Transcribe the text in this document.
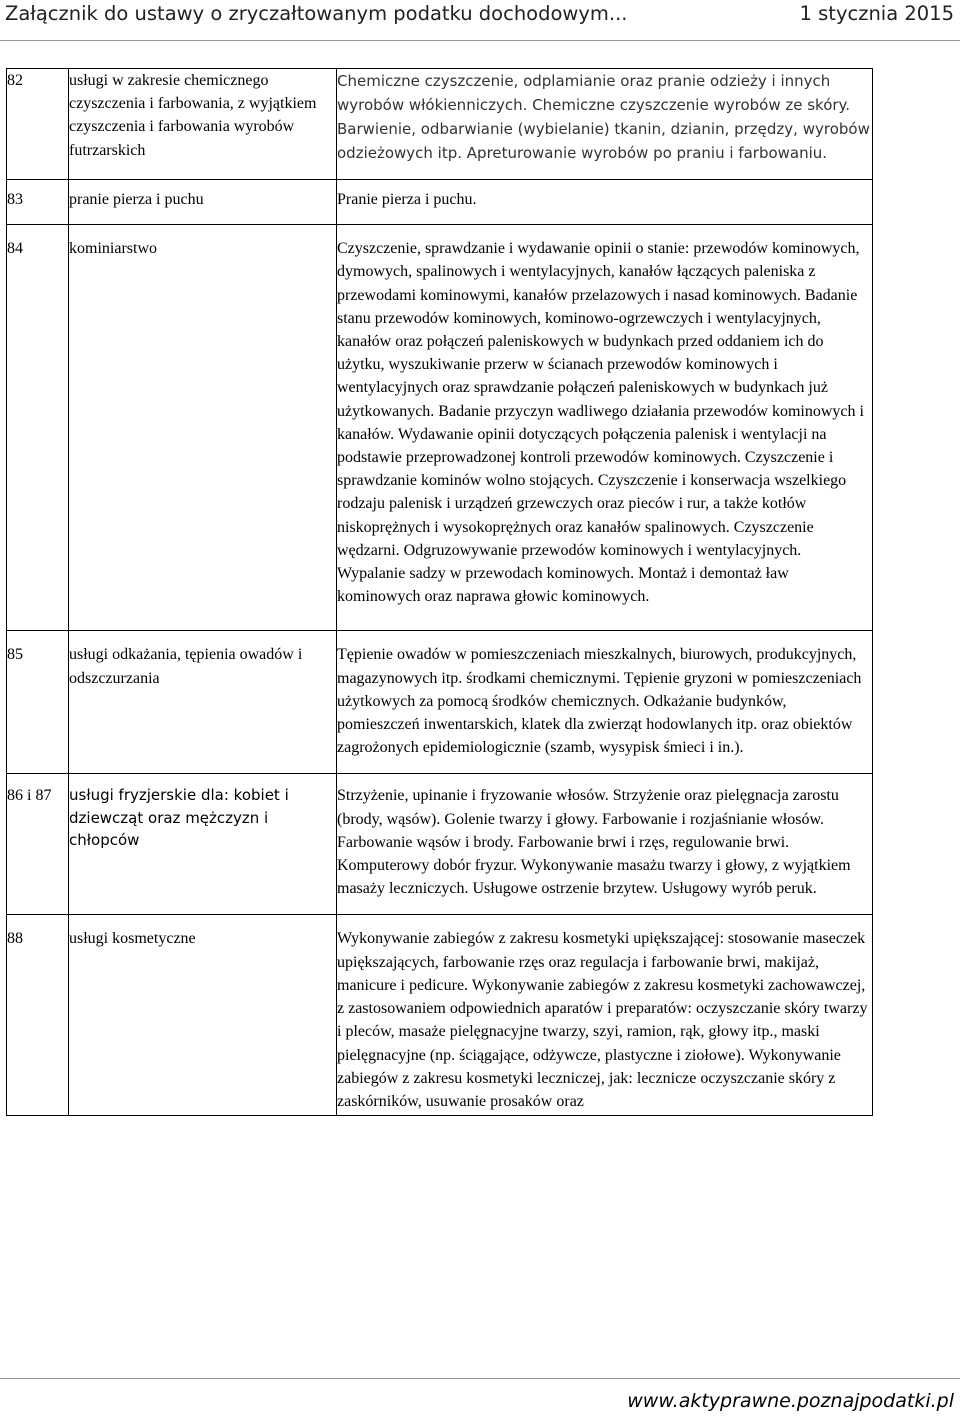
Załącznik do ustawy o zryczałtowanym podatku dochodowym...	1 stycznia 2015
82	usługi w zakresie chemicznego czyszczenia i farbowania, z wyjątkiem czyszczenia i farbowania wyrobów futrzarskich	Chemiczne czyszczenie, odplamianie oraz pranie odzieży i innych wyrobów włókienniczych. Chemiczne czyszczenie wyrobów ze skóry. Barwienie, odbarwianie (wybielanie) tkanin, dzianin, przędzy, wyrobów odzieżowych itp. Apreturowanie wyrobów po praniu i farbowaniu.
83	pranie pierza i puchu	Pranie pierza i puchu.
84	kominiarstwo	Czyszczenie, sprawdzanie i wydawanie opinii o stanie: przewodów kominowych, dymowych, spalinowych i wentylacyjnych, kanałów łączących paleniska z przewodami kominowymi, kanałów przelazowych i nasad kominowych. Badanie stanu przewodów kominowych, kominowo-ogrzewczych i wentylacyjnych, kanałów oraz połączeń paleniskowych w budynkach przed oddaniem ich do użytku, wyszukiwanie przerw w ścianach przewodów kominowych i wentylacyjnych oraz sprawdzanie połączeń paleniskowych w budynkach już użytkowanych. Badanie przyczyn wadliwego działania przewodów kominowych i kanałów. Wydawanie opinii dotyczących połączenia palenisk i wentylacji na podstawie przeprowadzonej kontroli przewodów kominowych. Czyszczenie i sprawdzanie kominów wolno stojących. Czyszczenie i konserwacja wszelkiego rodzaju palenisk i urządzeń grzewczych oraz pieców i rur, a także kotłów niskoprężnych i wysokoprężnych oraz kanałów spalinowych. Czyszczenie wędzarni. Odgruzowywanie przewodów kominowych i wentylacyjnych. Wypalanie sadzy w przewodach kominowych. Montaż i demontaż ław kominowych oraz naprawa głowic kominowych.
85	usługi odkażania, tępienia owadów i odszczurzania	Tępienie owadów w pomieszczeniach mieszkalnych, biurowych, produkcyjnych, magazynowych itp. środkami chemicznymi. Tępienie gryzoni w pomieszczeniach użytkowych za pomocą środków chemicznych. Odkażanie budynków, pomieszczeń inwentarskich, klatek dla zwierząt hodowlanych itp. oraz obiektów zagrożonych epidemiologicznie (szamb, wysypisk śmieci i in.).
86 i 87	usługi fryzjerskie dla: kobiet i dziewcząt oraz mężczyzn i chłopców	Strzyżenie, upinanie i fryzowanie włosów. Strzyżenie oraz pielęgnacja zarostu (brody, wąsów). Golenie twarzy i głowy. Farbowanie i rozjaśnianie włosów. Farbowanie wąsów i brody. Farbowanie brwi i rzęs, regulowanie brwi. Komputerowy dobór fryzur. Wykonywanie masażu twarzy i głowy, z wyjątkiem masaży leczniczych. Usługowe ostrzenie brzytew. Usługowy wyrób peruk.
88	usługi kosmetyczne	Wykonywanie zabiegów z zakresu kosmetyki upiększającej: stosowanie maseczek upiększających, farbowanie rzęs oraz regulacja i farbowanie brwi, makijaż, manicure i pedicure. Wykonywanie zabiegów z zakresu kosmetyki zachowawczej, z zastosowaniem odpowiednich aparatów i preparatów: oczyszczanie skóry twarzy i pleców, masaże pielęgnacyjne twarzy, szyi, ramion, rąk, głowy itp., maski pielęgnacyjne (np. ściągające, odżywcze, plastyczne i ziołowe). Wykonywanie zabiegów z zakresu kosmetyki leczniczej, jak: lecznicze oczyszczanie skóry z zaskórników, usuwanie prosaków oraz
www.aktyprawne.poznajpodatki.pl
